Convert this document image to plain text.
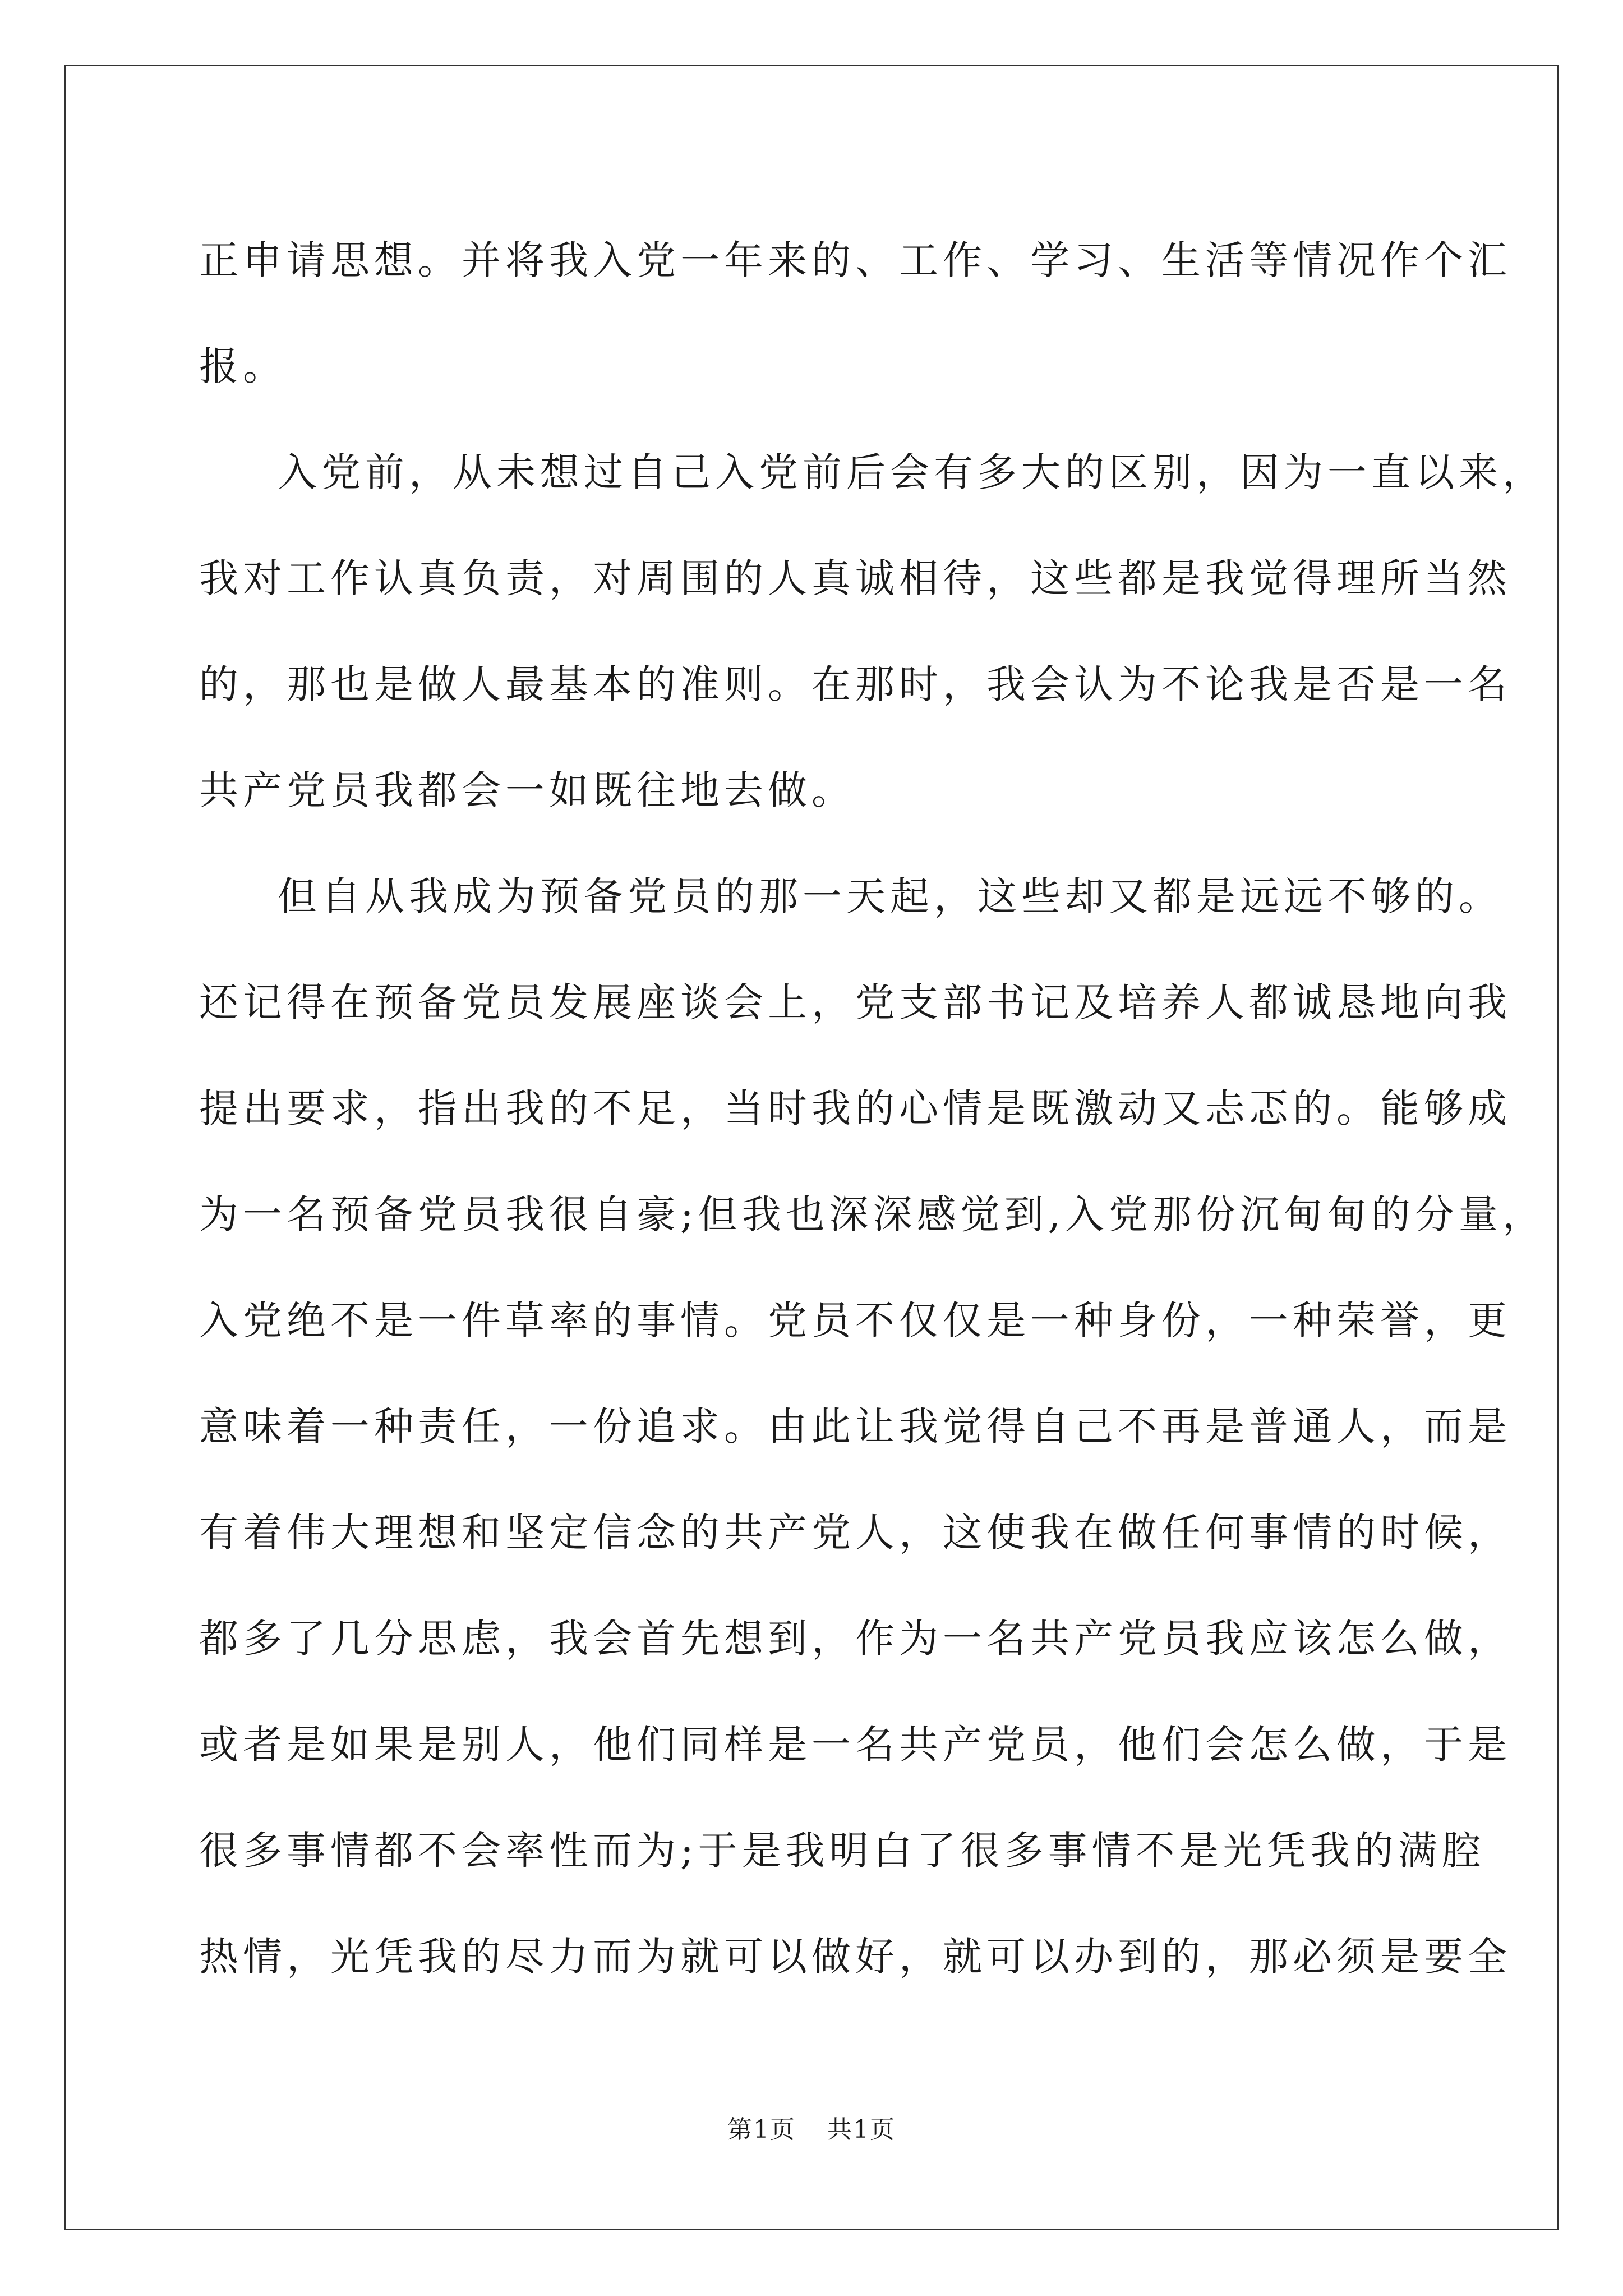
正申请思想。并将我入党一年来的、工作、学习、生活等情况作个汇
报。
入党前，从未想过自己入党前后会有多大的区别，因为一直以来，
我对工作认真负责，对周围的人真诚相待，这些都是我觉得理所当然
的，那也是做人最基本的准则。在那时，我会认为不论我是否是一名
共产党员我都会一如既往地去做。
但自从我成为预备党员的那一天起，这些却又都是远远不够的。
还记得在预备党员发展座谈会上，党支部书记及培养人都诚恳地向我
提出要求，指出我的不足，当时我的心情是既激动又忐忑的。能够成
为一名预备党员我很自豪;但我也深深感觉到,入党那份沉甸甸的分量，
入党绝不是一件草率的事情。党员不仅仅是一种身份，一种荣誉，更
意味着一种责任，一份追求。由此让我觉得自己不再是普通人，而是
有着伟大理想和坚定信念的共产党人，这使我在做任何事情的时候，
都多了几分思虑，我会首先想到，作为一名共产党员我应该怎么做，
或者是如果是别人，他们同样是一名共产党员，他们会怎么做，于是
很多事情都不会率性而为;于是我明白了很多事情不是光凭我的满腔
热情，光凭我的尽力而为就可以做好，就可以办到的，那必须是要全
第1页 共1页
